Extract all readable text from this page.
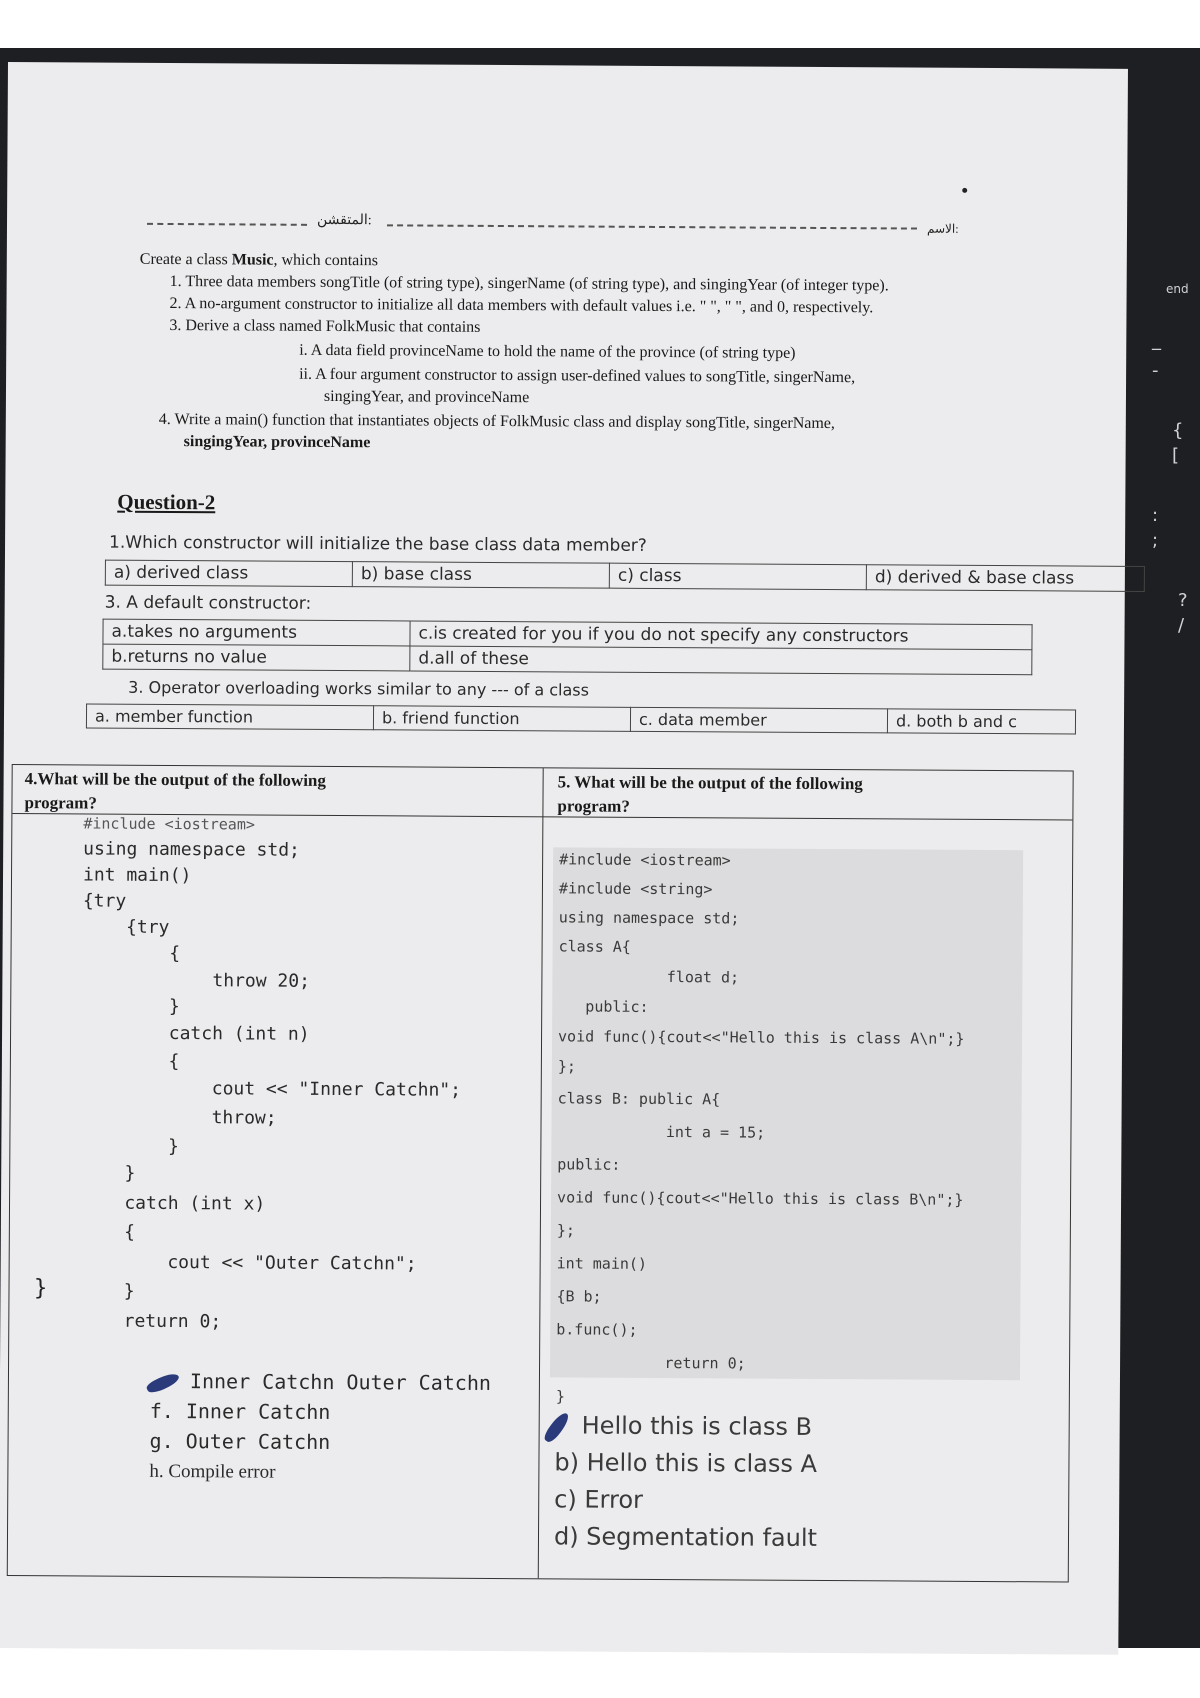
end
_
-
{
[
:
;
?
/
المتقشن:
الاسم:
Create a class Music, which contains
1. Three data members songTitle (of string type), singerName (of string type), and singingYear (of integer type).
2. A no-argument constructor to initialize all data members with default values i.e. " ", " ", and 0, respectively.
3. Derive a class named FolkMusic that contains
i. A data field provinceName to hold the name of the province (of string type)
ii. A four argument constructor to assign user-defined values to songTitle, singerName,
singingYear, and provinceName
4. Write a main() function that instantiates objects of FolkMusic class and display songTitle, singerName,
singingYear, provinceName
Question-2
1.Which constructor will initialize the base class data member?
a) derived class	b) base class	c) class	d) derived & base class
3. A default constructor:
a.takes no arguments	c.is created for you if you do not specify any constructors
b.returns no value	d.all of these
3. Operator overloading works similar to any --- of a class
a. member function	b. friend function	c. data member	d. both b and c
4.What will be the output of the following
program?
5. What will be the output of the following
program?

#include <iostream>

using namespace std;

int main()

{try

{try

{

throw 20;

}

catch (int n)

{

cout << "Inner Catchn";

throw;

}

}

catch (int x)

{

cout << "Outer Catchn";

}

return 0;

#include <iostream>

#include <string>

using namespace std;

class A{

float d;

public:

void func(){cout<<"Hello this is class A\n";}

};

class B: public A{

int a = 15;

public:

void func(){cout<<"Hello this is class B\n";}

};

int main()

{B b;

b.func();

return 0;

}

Inner Catchn Outer Catchn
f. Inner Catchn
g. Outer Catchn
h. Compile error
Hello this is class B
b) Hello this is class A
c) Error
d) Segmentation fault
}
